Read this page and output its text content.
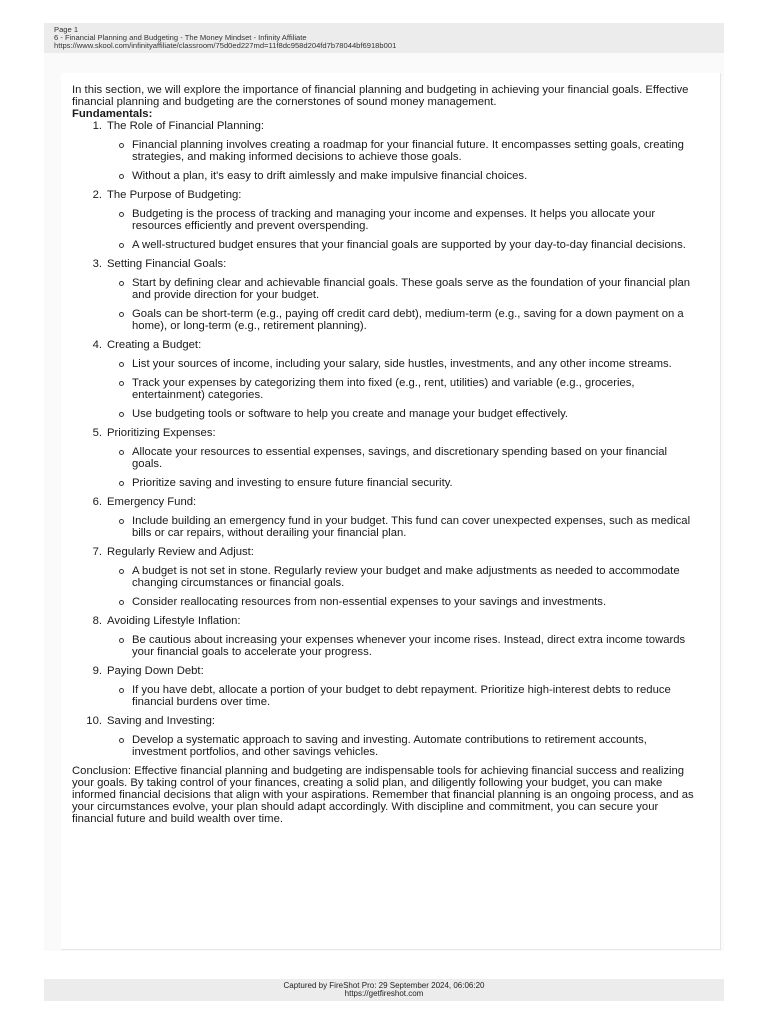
Page 1
6 - Financial Planning and Budgeting - The Money Mindset - Infinity Affiliate
https://www.skool.com/infinityaffiliate/classroom/75d0ed227md=11f8dc958d204fd7b78044bf6918b001

In this section, we will explore the importance of financial planning and budgeting in achieving your financial goals. Effective financial planning and budgeting are the cornerstones of sound money management.

Fundamentals:

1. The Role of Financial Planning:
Financial planning involves creating a roadmap for your financial future. It encompasses setting goals, creating strategies, and making informed decisions to achieve those goals.
Without a plan, it's easy to drift aimlessly and make impulsive financial choices.
2. The Purpose of Budgeting:
Budgeting is the process of tracking and managing your income and expenses. It helps you allocate your resources efficiently and prevent overspending.
A well-structured budget ensures that your financial goals are supported by your day-to-day financial decisions.
3. Setting Financial Goals:
Start by defining clear and achievable financial goals. These goals serve as the foundation of your financial plan and provide direction for your budget.
Goals can be short-term (e.g., paying off credit card debt), medium-term (e.g., saving for a down payment on a home), or long-term (e.g., retirement planning).
4. Creating a Budget:
List your sources of income, including your salary, side hustles, investments, and any other income streams.
Track your expenses by categorizing them into fixed (e.g., rent, utilities) and variable (e.g., groceries, entertainment) categories.
Use budgeting tools or software to help you create and manage your budget effectively.
5. Prioritizing Expenses:
Allocate your resources to essential expenses, savings, and discretionary spending based on your financial goals.
Prioritize saving and investing to ensure future financial security.
6. Emergency Fund:
Include building an emergency fund in your budget. This fund can cover unexpected expenses, such as medical bills or car repairs, without derailing your financial plan.
7. Regularly Review and Adjust:
A budget is not set in stone. Regularly review your budget and make adjustments as needed to accommodate changing circumstances or financial goals.
Consider reallocating resources from non-essential expenses to your savings and investments.
8. Avoiding Lifestyle Inflation:
Be cautious about increasing your expenses whenever your income rises. Instead, direct extra income towards your financial goals to accelerate your progress.
9. Paying Down Debt:
If you have debt, allocate a portion of your budget to debt repayment. Prioritize high-interest debts to reduce financial burdens over time.
10. Saving and Investing:
Develop a systematic approach to saving and investing. Automate contributions to retirement accounts, investment portfolios, and other savings vehicles.

Conclusion: Effective financial planning and budgeting are indispensable tools for achieving financial success and realizing your goals. By taking control of your finances, creating a solid plan, and diligently following your budget, you can make informed financial decisions that align with your aspirations. Remember that financial planning is an ongoing process, and as your circumstances evolve, your plan should adapt accordingly. With discipline and commitment, you can secure your financial future and build wealth over time.

Captured by FireShot Pro: 29 September 2024, 06:06:20
https://getfireshot.com
